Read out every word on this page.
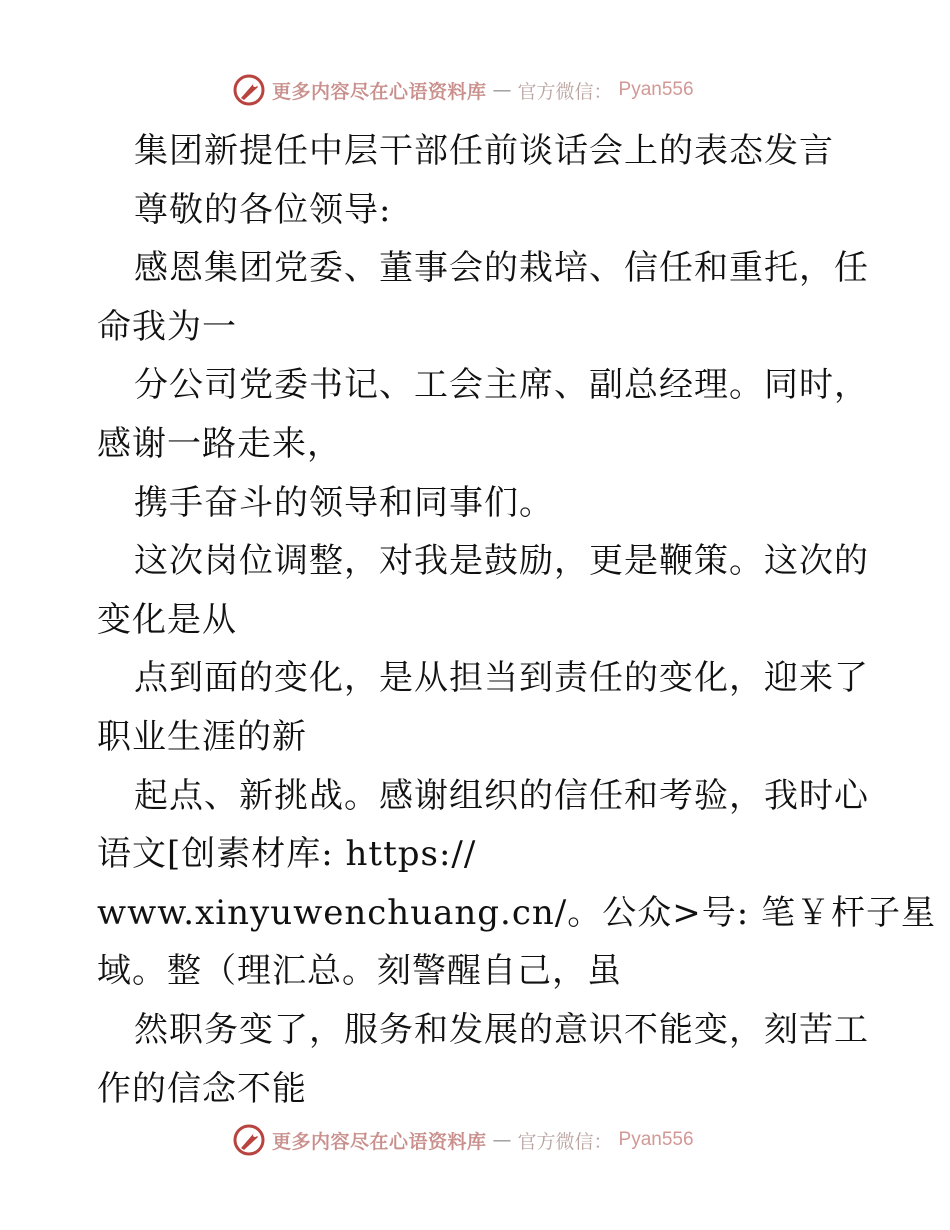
更多内容尽在心语资料库 — 官方微信： Pyan556
集团新提任中层干部任前谈话会上的表态发言
尊敬的各位领导:
感恩集团党委、董事会的栽培、信任和重托，任
命我为一
分公司党委书记、工会主席、副总经理。同时，
感谢一路走来，
携手奋斗的领导和同事们。
这次岗位调整，对我是鼓励，更是鞭策。这次的
变化是从
点到面的变化，是从担当到责任的变化，迎来了
职业生涯的新
起点、新挑战。感谢组织的信任和考验，我时心
语文[创素材库: https://
www.xinyuwenchuang.cn/。公众>号: 笔￥杆子星
域。整（理汇总。刻警醒自己，虽
然职务变了，服务和发展的意识不能变，刻苦工
作的信念不能
更多内容尽在心语资料库 — 官方微信： Pyan556
